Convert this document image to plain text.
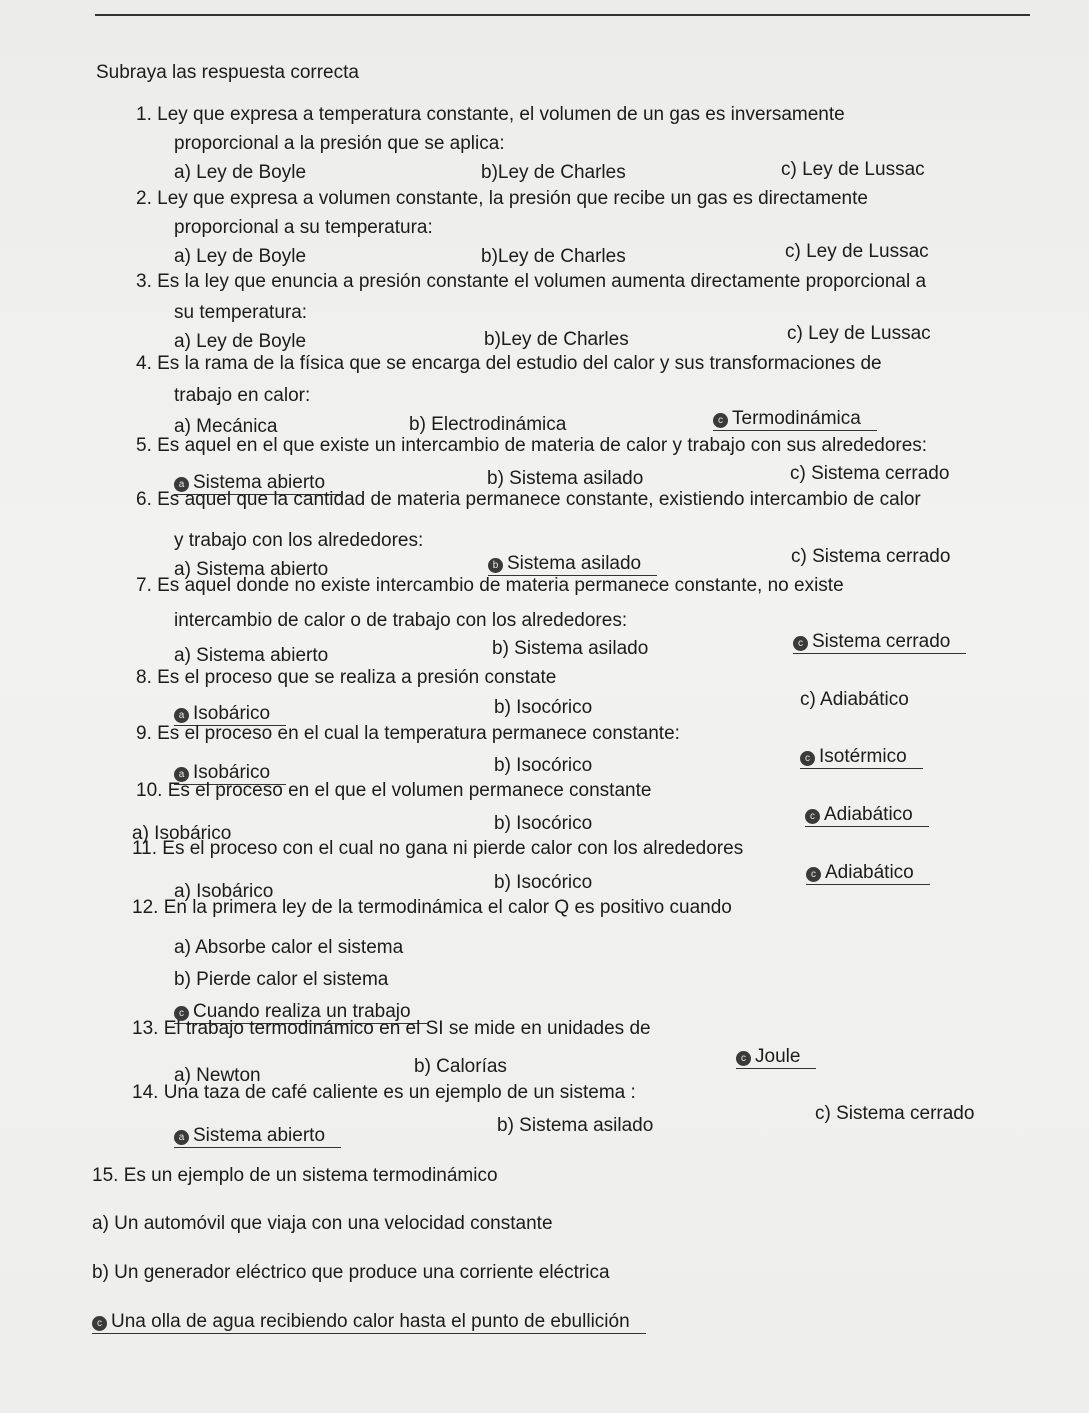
Subraya las respuesta correcta
1. Ley que expresa a temperatura constante, el volumen de un gas es inversamente
proporcional a la presión que se aplica:
a) Ley de Boyle	b)Ley de Charles	c) Ley de Lussac
2. Ley que expresa a volumen constante, la presión que recibe un gas es directamente
proporcional a su temperatura:
a) Ley de Boyle	b)Ley de Charles	c) Ley de Lussac
3. Es la ley que enuncia a presión constante el volumen aumenta directamente proporcional a
su temperatura:
a) Ley de Boyle	b)Ley de Charles	c) Ley de Lussac
4. Es la rama de la física que se encarga del estudio del calor y sus transformaciones de
trabajo en calor:
a) Mecánica	b) Electrodinámica	c Termodinámica
5. Es aquel en el que existe un intercambio de materia de calor y trabajo con sus alrededores:
a Sistema abierto	b) Sistema asilado	c) Sistema cerrado
6. Es aquel que la cantidad de materia permanece constante, existiendo intercambio de calor
y trabajo con los alrededores:
a) Sistema abierto	b Sistema asilado	c) Sistema cerrado
7. Es aquel donde no existe intercambio de materia permanece constante, no existe
intercambio de calor o de trabajo con los alrededores:
a) Sistema abierto	b) Sistema asilado	c Sistema cerrado
8. Es el proceso que se realiza a presión constate
a Isobárico	b) Isocórico	c) Adiabático
9. Es el proceso en el cual la temperatura permanece constante:
a Isobárico	b) Isocórico	c Isotérmico
10. Es el proceso en el que el volumen permanece constante
a) Isobárico	b) Isocórico	c Adiabático
11. Es el proceso con el cual no gana ni pierde calor con los alrededores
a) Isobárico	b) Isocórico	c Adiabático
12. En la primera ley de la termodinámica el calor Q es positivo cuando
a) Absorbe calor el sistema
b) Pierde calor el sistema
c Cuando realiza un trabajo
13. El trabajo termodinámico en el SI se mide en unidades de
a) Newton	b) Calorías	c Joule
14. Una taza de café caliente es un ejemplo de un sistema :
a Sistema abierto	b) Sistema asilado
c) Sistema cerrado
15. Es un ejemplo de un sistema termodinámico
a) Un automóvil que viaja con una velocidad constante
b) Un generador eléctrico que produce una corriente eléctrica
c Una olla de agua recibiendo calor hasta el punto de ebullición
